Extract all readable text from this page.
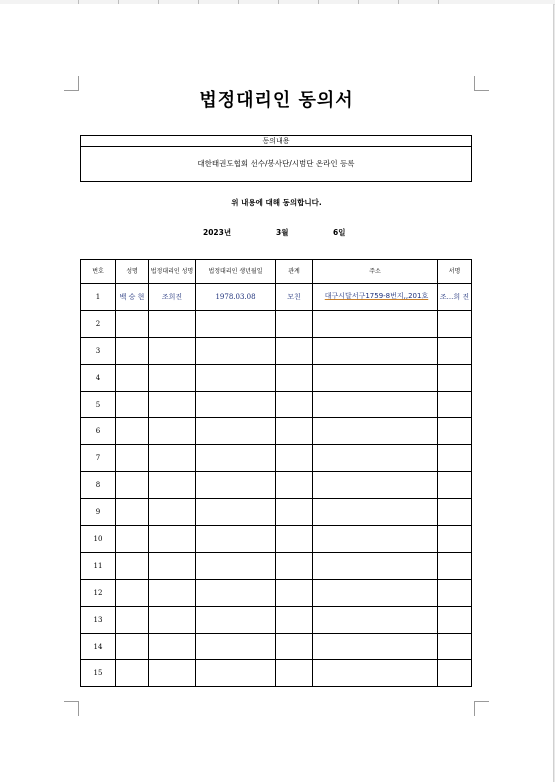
법정대리인 동의서
동의내용
대한태권도협회 선수/봉사단/시범단 온라인 등록
위 내용에 대해 동의합니다.
2023년	3월	6일
번호	성명	법정대리인 성명	법정대리인 생년월일	관계	주소	서명
1	백 승 현	조희진	1978.03.08	모친	대구시달서구1759-8번지,,201호	조...희 진
2						
3						
4						
5						
6						
7						
8						
9						
10						
11						
12						
13						
14						
15						
